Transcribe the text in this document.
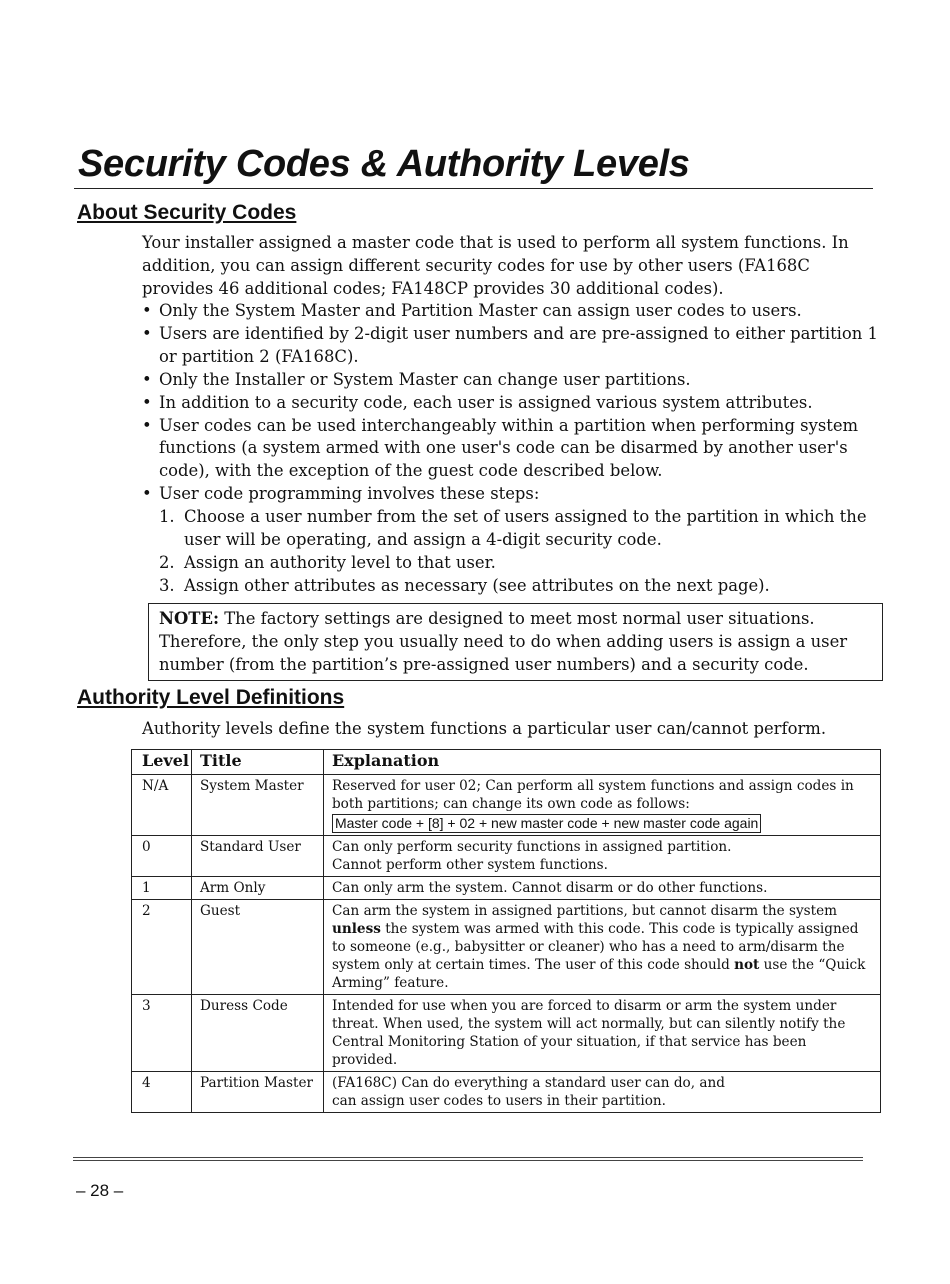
Security Codes & Authority Levels
About Security Codes

Your installer assigned a master code that is used to perform all system functions. In addition, you can assign different security codes for use by other users (FA168C provides 46 additional codes; FA148CP provides 30 additional codes).

• Only the System Master and Partition Master can assign user codes to users.
• Users are identified by 2-digit user numbers and are pre-assigned to either partition 1 or partition 2 (FA168C).
• Only the Installer or System Master can change user partitions.
• In addition to a security code, each user is assigned various system attributes.
• User codes can be used interchangeably within a partition when performing system functions (a system armed with one user's code can be disarmed by another user's code), with the exception of the guest code described below.
• User code programming involves these steps:
1. Choose a user number from the set of users assigned to the partition in which the user will be operating, and assign a 4-digit security code.
2. Assign an authority level to that user.
3. Assign other attributes as necessary (see attributes on the next page).

NOTE: The factory settings are designed to meet most normal user situations. Therefore, the only step you usually need to do when adding users is assign a user number (from the partition’s pre-assigned user numbers) and a security code.

Authority Level Definitions

Authority levels define the system functions a particular user can/cannot perform.

Level	Title	Explanation
N/A	System Master	Reserved for user 02; Can perform all system functions and assign codes in both partitions; can change its own code as follows:
Master code + [8] + 02 + new master code + new master code again
0	Standard User	Can only perform security functions in assigned partition.
Cannot perform other system functions.

1	Arm Only	Can only arm the system. Cannot disarm or do other functions.
2	Guest	Can arm the system in assigned partitions, but cannot disarm the system unless the system was armed with this code. This code is typically assigned to someone (e.g., babysitter or cleaner) who has a need to arm/disarm the system only at certain times. The user of this code should not use the “Quick Arming” feature.
3	Duress Code	Intended for use when you are forced to disarm or arm the system under threat. When used, the system will act normally, but can silently notify the Central Monitoring Station of your situation, if that service has been provided.
4	Partition Master	(FA168C) Can do everything a standard user can do, and
can assign user codes to users in their partition.
– 28 –
